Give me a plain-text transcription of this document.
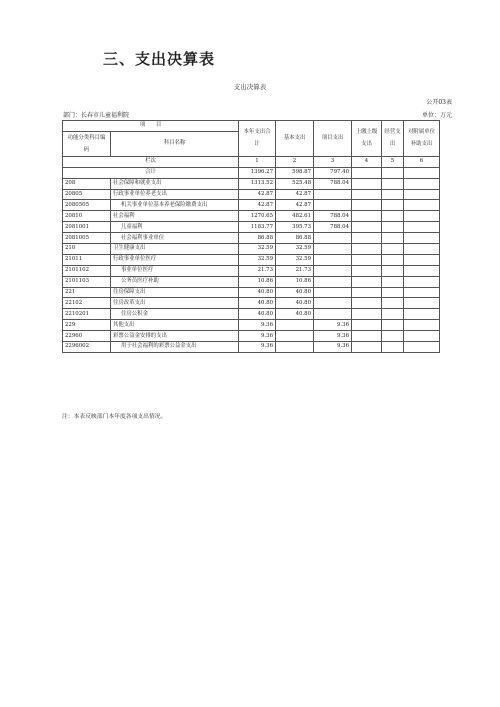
三、支出决算表
支出决算表
公开03表
部门：长春市儿童福利院	单位：万元
项　　目		本年支出合计	基本支出	项目支出	上缴上级支出	经营支出	对附属单位补助支出
功能分类科目编码	科目名称						
栏次		1	2	3	4	5	6
合计		1396.27	598.87	797.40			
208	社会保障和就业支出	1313.52	525.48	788.04			
20805	行政事业单位养老支出	42.87	42.87				
2080505	机关事业单位基本养老保险缴费支出	42.87	42.87				
20810	社会福利	1270.65	482.61	788.04			
2081001	儿童福利	1183.77	395.73	788.04			
2081005	社会福利事业单位	86.88	86.88				
210	卫生健康支出	32.59	32.59				
21011	行政事业单位医疗	32.59	32.59				
2101102	事业单位医疗	21.73	21.73				
2101103	公务员医疗补助	10.86	10.86				
221	住房保障支出	40.80	40.80				
22102	住房改革支出	40.80	40.80				
2210201	住房公积金	40.80	40.80				
229	其他支出	9.36		9.36			
22960	彩票公益金安排的支出	9.36		9.36			
2296002	用于社会福利的彩票公益金支出	9.36		9.36			
注：本表反映部门本年度各项支出情况。
